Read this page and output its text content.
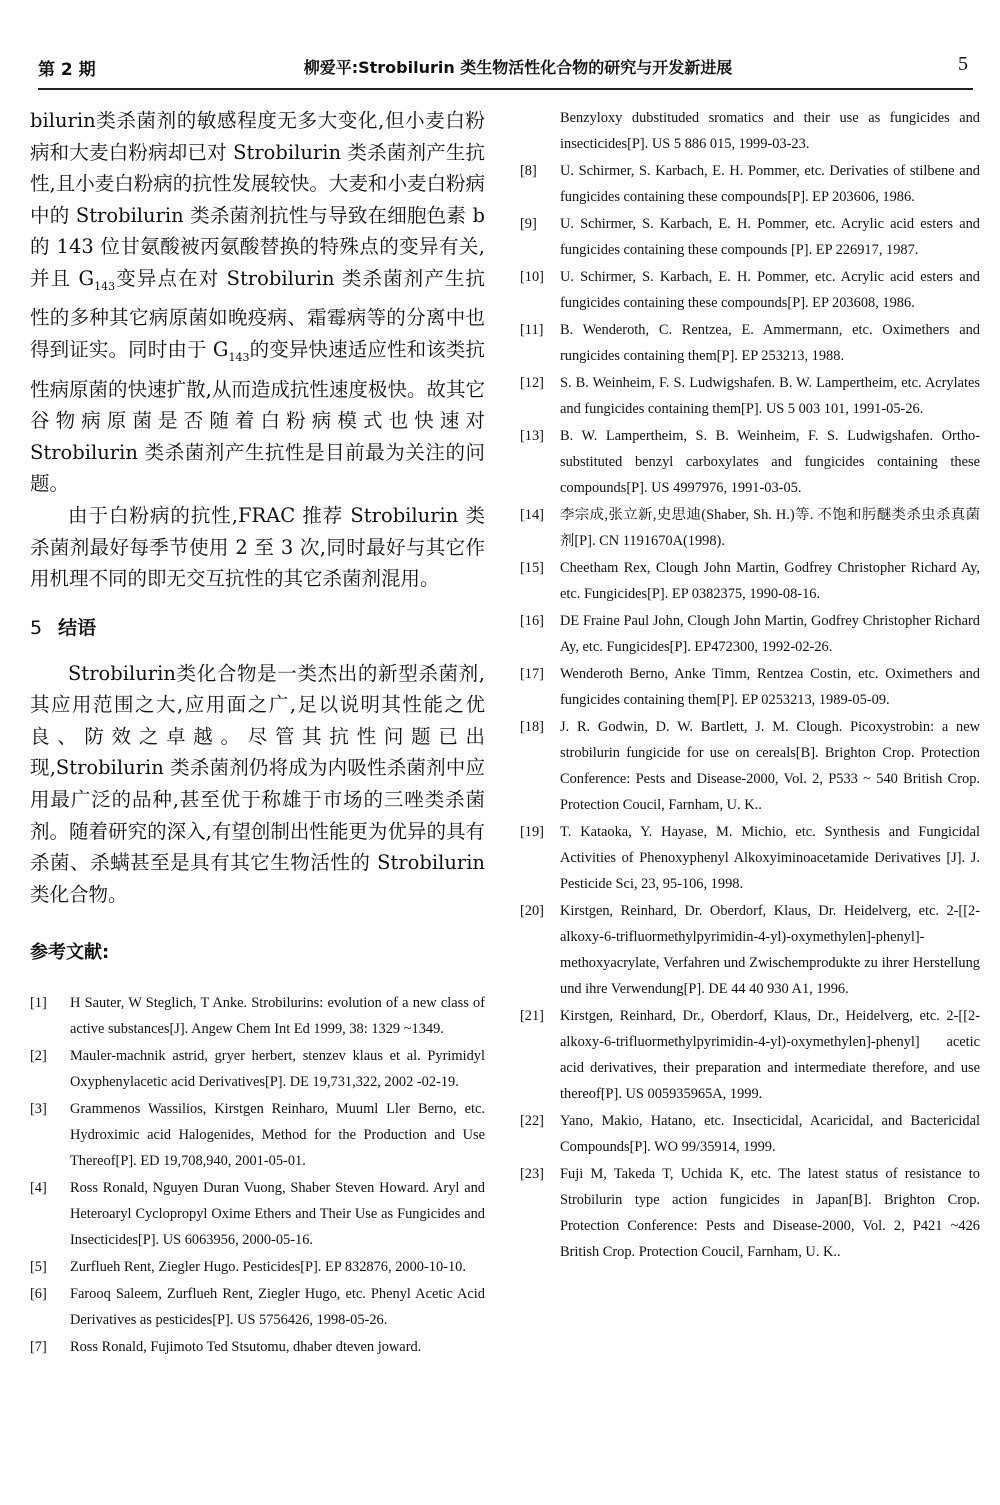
第 2 期	柳爱平:Strobilurin 类生物活性化合物的研究与开发新进展	5

bilurin类杀菌剂的敏感程度无多大变化,但小麦白粉病和大麦白粉病却已对 Strobilurin 类杀菌剂产生抗性,且小麦白粉病的抗性发展较快。大麦和小麦白粉病中的 Strobilurin 类杀菌剂抗性与导致在细胞色素 b 的 143 位甘氨酸被丙氨酸替换的特殊点的变异有关,并且 $G_{143}$变异点在对 Strobilurin 类杀菌剂产生抗性的多种其它病原菌如晚疫病、霜霉病等的分离中也得到证实。同时由于 $G_{143}$的变异快速适应性和该类抗性病原菌的快速扩散,从而造成抗性速度极快。故其它谷物病原菌是否随着白粉病模式也快速对 Strobilurin 类杀菌剂产生抗性是目前最为关注的问题。

由于白粉病的抗性,FRAC 推荐 Strobilurin 类杀菌剂最好每季节使用 2 至 3 次,同时最好与其它作用机理不同的即无交互抗性的其它杀菌剂混用。

5 结语

Strobilurin类化合物是一类杰出的新型杀菌剂,其应用范围之大,应用面之广,足以说明其性能之优良、防效之卓越。尽管其抗性问题已出现,Strobilurin 类杀菌剂仍将成为内吸性杀菌剂中应用最广泛的品种,甚至优于称雄于市场的三唑类杀菌剂。随着研究的深入,有望创制出性能更为优异的具有杀菌、杀螨甚至是具有其它生物活性的 Strobilurin 类化合物。

参考文献:
[1]	H Sauter, W Steglich, T Anke. Strobilurins: evolution of a new class of active substances[J]. Angew Chem Int Ed 1999, 38: 1329 ~1349.
[2]	Mauler-machnik astrid, gryer herbert, stenzev klaus et al. Pyrimidyl Oxyphenylacetic acid Derivatives[P]. DE 19,731,322, 2002 -02-19.
[3]	Grammenos Wassilios, Kirstgen Reinharo, Muuml Ller Berno, etc. Hydroximic acid Halogenides, Method for the Production and Use Thereof[P]. ED 19,708,940, 2001-05-01.
[4]	Ross Ronald, Nguyen Duran Vuong, Shaber Steven Howard. Aryl and Heteroaryl Cyclopropyl Oxime Ethers and Their Use as Fungicides and Insecticides[P]. US 6063956, 2000-05-16.
[5]	Zurflueh Rent, Ziegler Hugo. Pesticides[P]. EP 832876, 2000-10-10.
[6]	Farooq Saleem, Zurflueh Rent, Ziegler Hugo, etc. Phenyl Acetic Acid Derivatives as pesticides[P]. US 5756426, 1998-05-26.
[7]	Ross Ronald, Fujimoto Ted Stsutomu, dhaber dteven joward.
Benzyloxy dubstituded sromatics and their use as fungicides and insecticides[P]. US 5 886 015, 1999-03-23.
[8]	U. Schirmer, S. Karbach, E. H. Pommer, etc. Derivaties of stilbene and fungicides containing these compounds[P]. EP 203606, 1986.
[9]	U. Schirmer, S. Karbach, E. H. Pommer, etc. Acrylic acid esters and fungicides containing these compounds [P]. EP 226917, 1987.
[10]	U. Schirmer, S. Karbach, E. H. Pommer, etc. Acrylic acid esters and fungicides containing these compounds[P]. EP 203608, 1986.
[11]	B. Wenderoth, C. Rentzea, E. Ammermann, etc. Oximethers and rungicides containing them[P]. EP 253213, 1988.
[12]	S. B. Weinheim, F. S. Ludwigshafen. B. W. Lampertheim, etc. Acrylates and fungicides containing them[P]. US 5 003 101, 1991-05-26.
[13]	B. W. Lampertheim, S. B. Weinheim, F. S. Ludwigshafen. Ortho-substituted benzyl carboxylates and fungicides containing these compounds[P]. US 4997976, 1991-03-05.
[14]	李宗成,张立新,史思迪(Shaber, Sh. H.)等. 不饱和肟醚类杀虫杀真菌剂[P]. CN 1191670A(1998).
[15]	Cheetham Rex, Clough John Martin, Godfrey Christopher Richard Ay, etc. Fungicides[P]. EP 0382375, 1990-08-16.
[16]	DE Fraine Paul John, Clough John Martin, Godfrey Christopher Richard Ay, etc. Fungicides[P]. EP472300, 1992-02-26.
[17]	Wenderoth Berno, Anke Timm, Rentzea Costin, etc. Oximethers and fungicides containing them[P]. EP 0253213, 1989-05-09.
[18]	J. R. Godwin, D. W. Bartlett, J. M. Clough. Picoxystrobin: a new strobilurin fungicide for use on cereals[B]. Brighton Crop. Protection Conference: Pests and Disease-2000, Vol. 2, P533 ~ 540 British Crop. Protection Coucil, Farnham, U. K..
[19]	T. Kataoka, Y. Hayase, M. Michio, etc. Synthesis and Fungicidal Activities of Phenoxyphenyl Alkoxyiminoacetamide Derivatives [J]. J. Pesticide Sci, 23, 95-106, 1998.
[20]	Kirstgen, Reinhard, Dr. Oberdorf, Klaus, Dr. Heidelverg, etc. 2-[[2-alkoxy-6-trifluormethylpyrimidin-4-yl)-oxymethylen]-phenyl]-methoxyacrylate, Verfahren und Zwischemprodukte zu ihrer Herstellung und ihre Verwendung[P]. DE 44 40 930 A1, 1996.
[21]	Kirstgen, Reinhard, Dr., Oberdorf, Klaus, Dr., Heidelverg, etc. 2-[[2-alkoxy-6-trifluormethylpyrimidin-4-yl)-oxymethylen]-phenyl] acetic acid derivatives, their preparation and intermediate therefore, and use thereof[P]. US 005935965A, 1999.
[22]	Yano, Makio, Hatano, etc. Insecticidal, Acaricidal, and Bactericidal Compounds[P]. WO 99/35914, 1999.
[23]	Fuji M, Takeda T, Uchida K, etc. The latest status of resistance to Strobilurin type action fungicides in Japan[B]. Brighton Crop. Protection Conference: Pests and Disease-2000, Vol. 2, P421 ~426 British Crop. Protection Coucil, Farnham, U. K..
